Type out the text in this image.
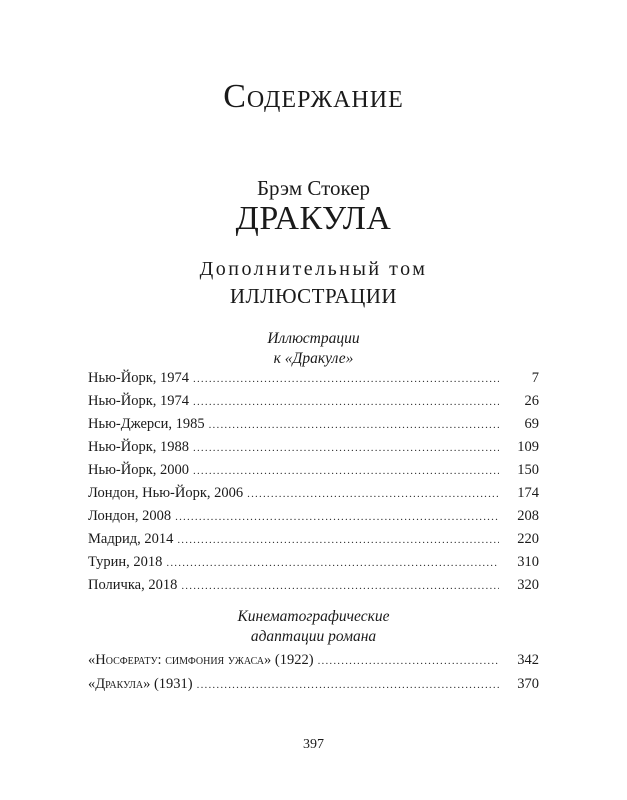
Содержание
Брэм Стокер
ДРАКУЛА
Дополнительный том
ИЛЛЮСТРАЦИИ
Иллюстрации
к «Дракуле»
Нью-Йорк, 1974 .....	7
Нью-Йорк, 1974 .....	26
Нью-Джерси, 1985 .....	69
Нью-Йорк, 1988 .....	109
Нью-Йорк, 2000 .....	150
Лондон, Нью-Йорк, 2006 .....	174
Лондон, 2008 .....	208
Мадрид, 2014 .....	220
Турин, 2018 .....	310
Поличка, 2018 .....	320
Кинематографические
адаптации романа
«Носферату: симфония ужаса» (1922) .....	342
«Дракула» (1931) .....	370
397
